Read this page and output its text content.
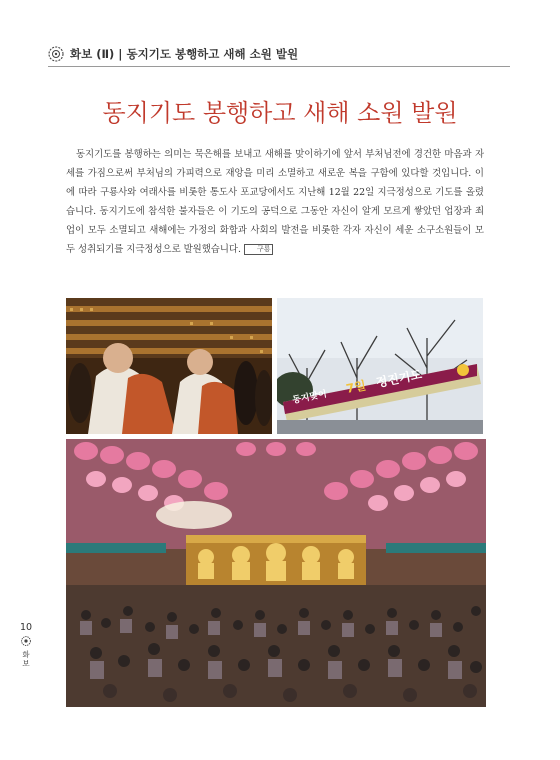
화보 (Ⅱ) | 동지기도 봉행하고 새해 소원 발원
동지기도 봉행하고 새해 소원 발원
동지기도를 봉행하는 의미는 묵은해를 보내고 새해를 맞이하기에 앞서 부처님전에 경건한 마음과 자세를 가짐으로써 부처님의 가피력으로 재앙을 미리 소멸하고 새로운 복을 구함에 있다할 것입니다. 이에 따라 구룡사와 여래사를 비롯한 통도사 포교당에서도 지난해 12월 22일 지극정성으로 기도를 올렸습니다. 동지기도에 참석한 불자들은 이 기도의 공덕으로 그동안 자신이 알게 모르게 쌓았던 업장과 죄업이 모두 소멸되고 새해에는 가정의 화합과 사회의 발전을 비롯한 각자 자신이 세운 소구소원들이 모두 성취되기를 지극정성으로 발원했습니다. 구룡
동지맞이
7일 정진기도
10
화보
